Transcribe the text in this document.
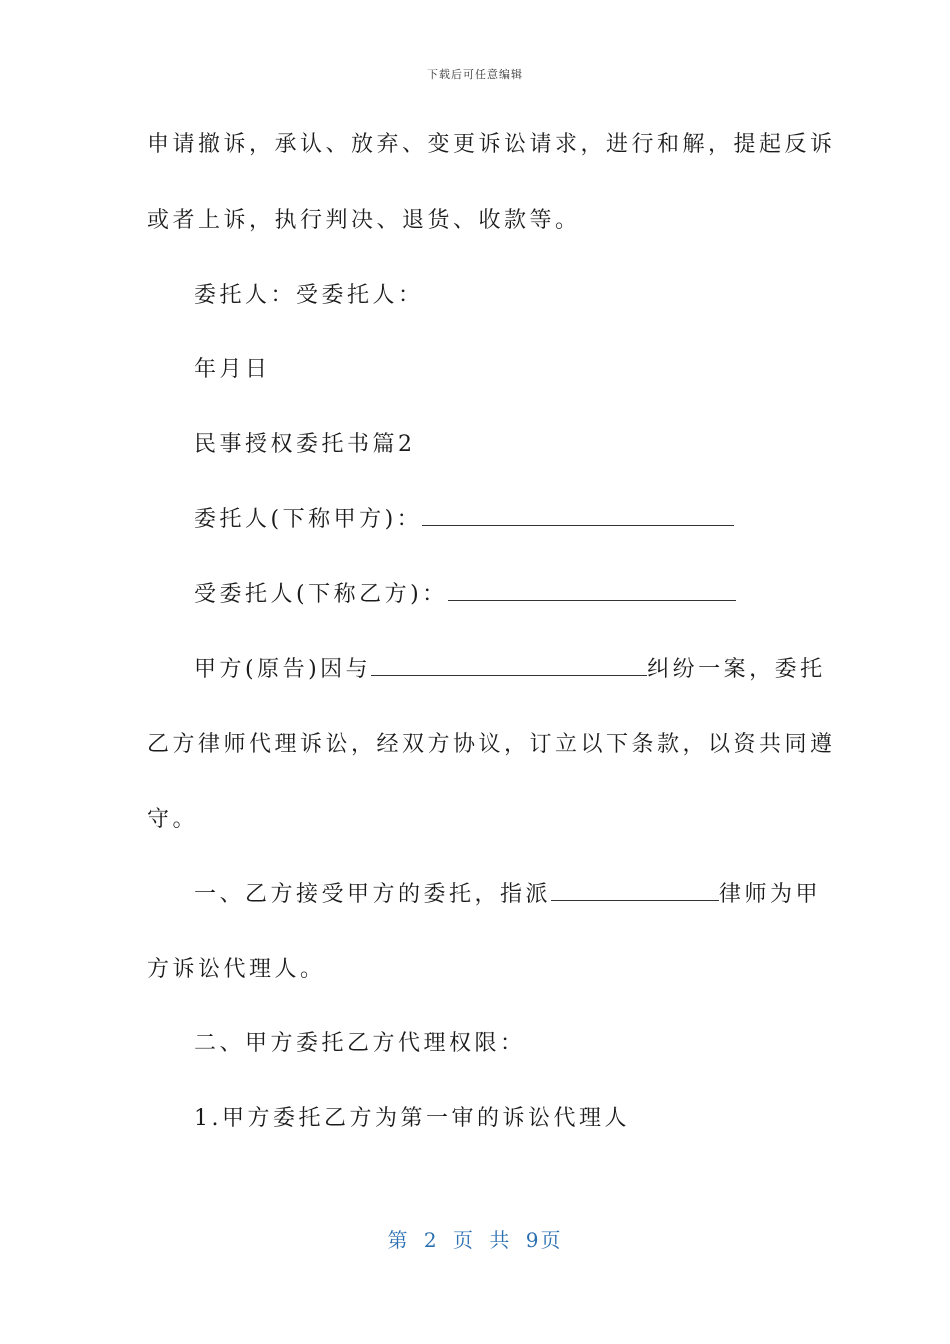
下载后可任意编辑
申请撤诉，承认、放弃、变更诉讼请求，进行和解，提起反诉
或者上诉，执行判决、退货、收款等。
委托人：受委托人：
年月日
民事授权委托书篇2
委托人(下称甲方)：
受委托人(下称乙方)：
甲方(原告)因与	纠纷一案，委托
乙方律师代理诉讼，经双方协议，订立以下条款，以资共同遵
守。
一、乙方接受甲方的委托，指派	律师为甲
方诉讼代理人。
二、甲方委托乙方代理权限：
1.甲方委托乙方为第一审的诉讼代理人
第 2 页 共 9页
